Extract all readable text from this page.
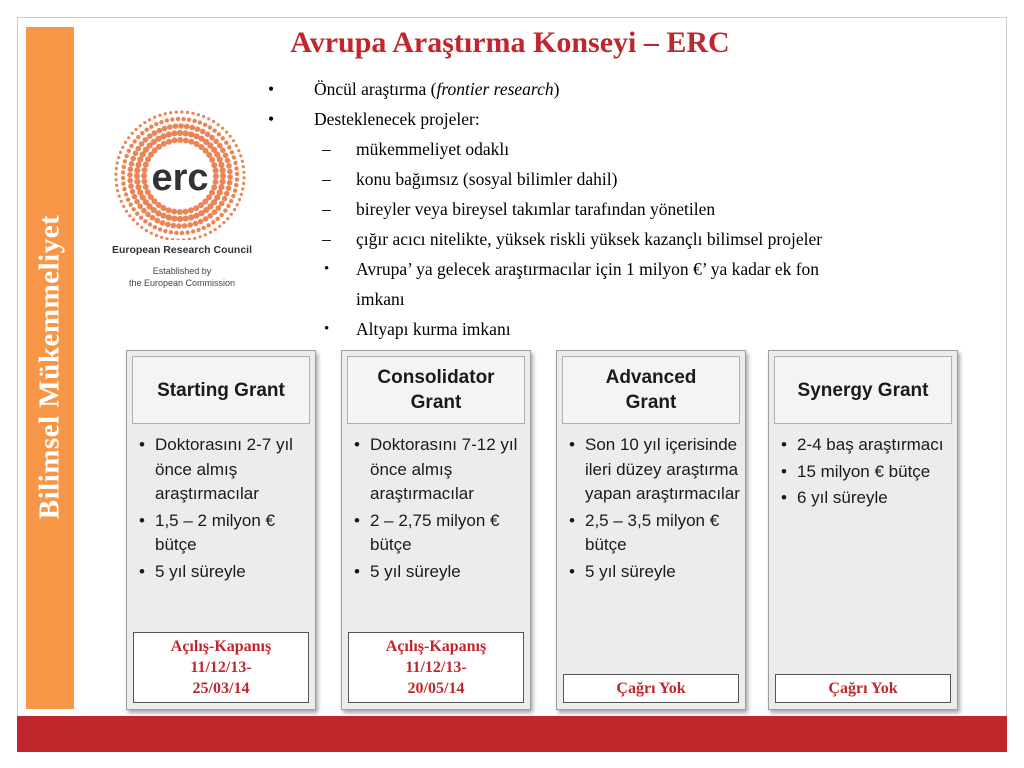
Bilimsel Mükemmeliyet
Avrupa Araştırma Konseyi – ERC
erc
European Research Council
Established by
the European Commission
• Öncül araştırma (frontier research)
• Desteklenecek projeler:
– mükemmeliyet odaklı
– konu bağımsız (sosyal bilimler dahil)
– bireyler veya bireysel takımlar tarafından yönetilen
– çığır acıcı nitelikte, yüksek riskli yüksek kazançlı bilimsel projeler
• Avrupa’ ya gelecek araştırmacılar için 1 milyon €’ ya kadar ek fon
imkanı
• Altyapı kurma imkanı
Starting Grant
• Doktorasını 2-7 yıl önce almış araştırmacılar
• 1,5 – 2 milyon € bütçe
• 5 yıl süreyle
Açılış-Kapanış
11/12/13-
25/03/14
Consolidator
Grant
• Doktorasını 7-12 yıl önce almış araştırmacılar
• 2 – 2,75 milyon € bütçe
• 5 yıl süreyle
Açılış-Kapanış
11/12/13-
20/05/14
Advanced
Grant
• Son 10 yıl içerisinde ileri düzey araştırma yapan araştırmacılar
• 2,5 – 3,5 milyon € bütçe
• 5 yıl süreyle
Çağrı Yok
Synergy Grant
• 2-4 baş araştırmacı
• 15 milyon € bütçe
• 6 yıl süreyle
Çağrı Yok
